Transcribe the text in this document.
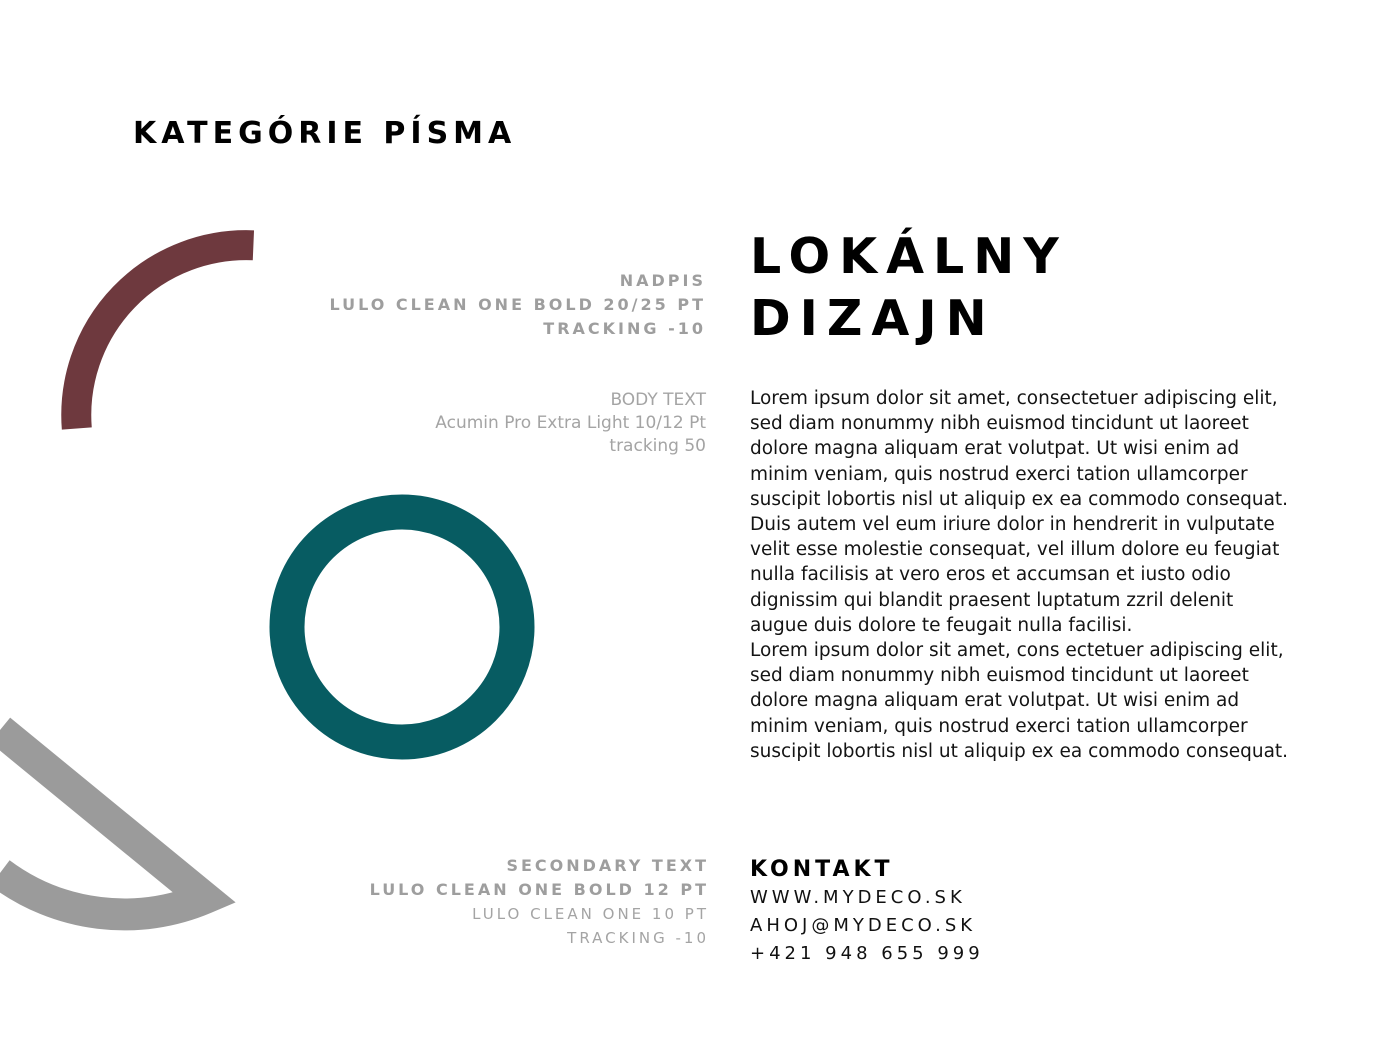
KATEGÓRIE PÍSMA
NADPIS
LULO CLEAN ONE BOLD 20/25 PT
TRACKING -10
BODY TEXT
Acumin Pro Extra Light 10/12 Pt
tracking 50
SECONDARY TEXT
LULO CLEAN ONE BOLD 12 PT
LULO CLEAN ONE 10 PT
TRACKING -10
LOKÁLNY
DIZAJN

Lorem ipsum dolor sit amet, consectetuer adipiscing elit, sed diam nonummy nibh euismod tincidunt ut laoreet dolore magna aliquam erat volutpat. Ut wisi enim ad minim veniam, quis nostrud exerci tation ullamcorper suscipit lobortis nisl ut aliquip ex ea commodo consequat. Duis autem vel eum iriure dolor in hendrerit in vulputate velit esse molestie consequat, vel illum dolore eu feugiat nulla facilisis at vero eros et accumsan et iusto odio dignissim qui blandit praesent luptatum zzril delenit augue duis dolore te feugait nulla facilisi.

Lorem ipsum dolor sit amet, cons ectetuer adipiscing elit, sed diam nonummy nibh euismod tincidunt ut laoreet dolore magna aliquam erat volutpat. Ut wisi enim ad minim veniam, quis nostrud exerci tation ullamcorper suscipit lobortis nisl ut aliquip ex ea commodo consequat.

KONTAKT
WWW.MYDECO.SK
AHOJ@MYDECO.SK
+421 948 655 999
